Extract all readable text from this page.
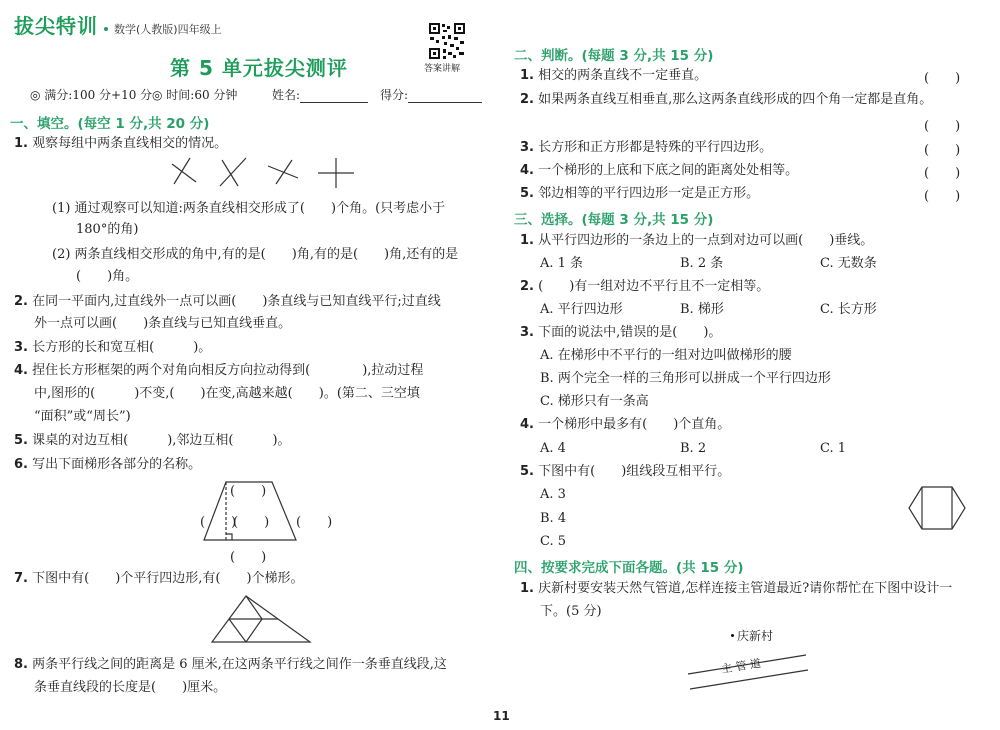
拔尖特训 数学(人教版)四年级上
答案讲解
第 5 单元拔尖测评
◎ 满分:100 分+10 分 ◎ 时间:60 分钟	姓名:	得分:
一、填空。(每空 1 分,共 20 分)
1. 观察每组中两条直线相交的情况。
(1) 通过观察可以知道:两条直线相交形成了(　　)个角。(只考虑小于
180°的角)
(2) 两条直线相交形成的角中,有的是(　　)角,有的是(　　)角,还有的是
(　　)角。
2. 在同一平面内,过直线外一点可以画(　　)条直线与已知直线平行;过直线
外一点可以画(　　)条直线与已知直线垂直。
3. 长方形的长和宽互相(　　　)。
4. 捏住长方形框架的两个对角向相反方向拉动得到(　　　　),拉动过程
中,图形的(　　　)不变,(　　)在变,高越来越(　　)。(第二、三空填
“面积”或“周长”)
5. 课桌的对边互相(　　　),邻边互相(　　　)。
6. 写出下面梯形各部分的名称。
(　　)
(　　)
(　　) (　　)
(　　)
7. 下图中有(　　)个平行四边形,有(　　)个梯形。
8. 两条平行线之间的距离是 6 厘米,在这两条平行线之间作一条垂直线段,这
条垂直线段的长度是(　　)厘米。
二、判断。(每题 3 分,共 15 分)
1. 相交的两条直线不一定垂直。	(　　)
2. 如果两条直线互相垂直,那么这两条直线形成的四个角一定都是直角。
(　　)
3. 长方形和正方形都是特殊的平行四边形。	(　　)
4. 一个梯形的上底和下底之间的距离处处相等。	(　　)
5. 邻边相等的平行四边形一定是正方形。	(　　)
三、选择。(每题 3 分,共 15 分)
1. 从平行四边形的一条边上的一点到对边可以画(　　)垂线。
A. 1 条	B. 2 条	C. 无数条
2. (　　)有一组对边不平行且不一定相等。
A. 平行四边形	B. 梯形	C. 长方形
3. 下面的说法中,错误的是(　　)。
A. 在梯形中不平行的一组对边叫做梯形的腰
B. 两个完全一样的三角形可以拼成一个平行四边形
C. 梯形只有一条高
4. 一个梯形中最多有(　　)个直角。
A. 4	B. 2	C. 1
5. 下图中有(　　)组线段互相平行。
A. 3
B. 4
C. 5
四、按要求完成下面各题。(共 15 分)
1. 庆新村要安装天然气管道,怎样连接主管道最近?请你帮忙在下图中设计一
下。(5 分)
庆新村
主 管 道
11
